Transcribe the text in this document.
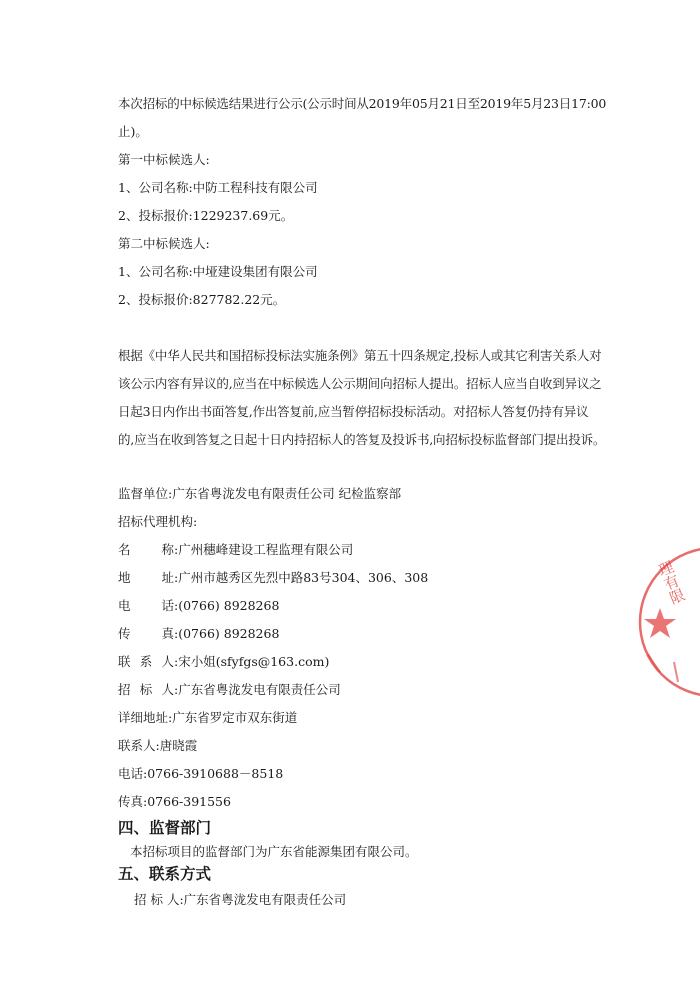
本次招标的中标候选结果进行公示(公示时间从2019年05月21日至2019年5月23日17:00
止)。
第一中标候选人:
1、公司名称:中防工程科技有限公司
2、投标报价:1229237.69元。
第二中标候选人:
1、公司名称:中垭建设集团有限公司
2、投标报价:827782.22元。
根据《中华人民共和国招标投标法实施条例》第五十四条规定,投标人或其它利害关系人对
该公示内容有异议的,应当在中标候选人公示期间向招标人提出。招标人应当自收到异议之
日起3日内作出书面答复,作出答复前,应当暂停招标投标活动。对招标人答复仍持有异议
的,应当在收到答复之日起十日内持招标人的答复及投诉书,向招标投标监督部门提出投诉。
监督单位:广东省粤泷发电有限责任公司 纪检监察部
招标代理机构:
名 称:广州穗峰建设工程监理有限公司
地 址:广州市越秀区先烈中路83号304、306、308
电 话:(0766) 8928268
传 真:(0766) 8928268
联 系 人:宋小姐(sfyfgs@163.com)
招 标 人:广东省粤泷发电有限责任公司
详细地址:广东省罗定市双东街道
联系人:唐晓霞
电话:0766-3910688－8518
传真:0766-391556
四、监督部门
本招标项目的监督部门为广东省能源集团有限公司。
五、联系方式
招 标 人:广东省粤泷发电有限责任公司
理有限
